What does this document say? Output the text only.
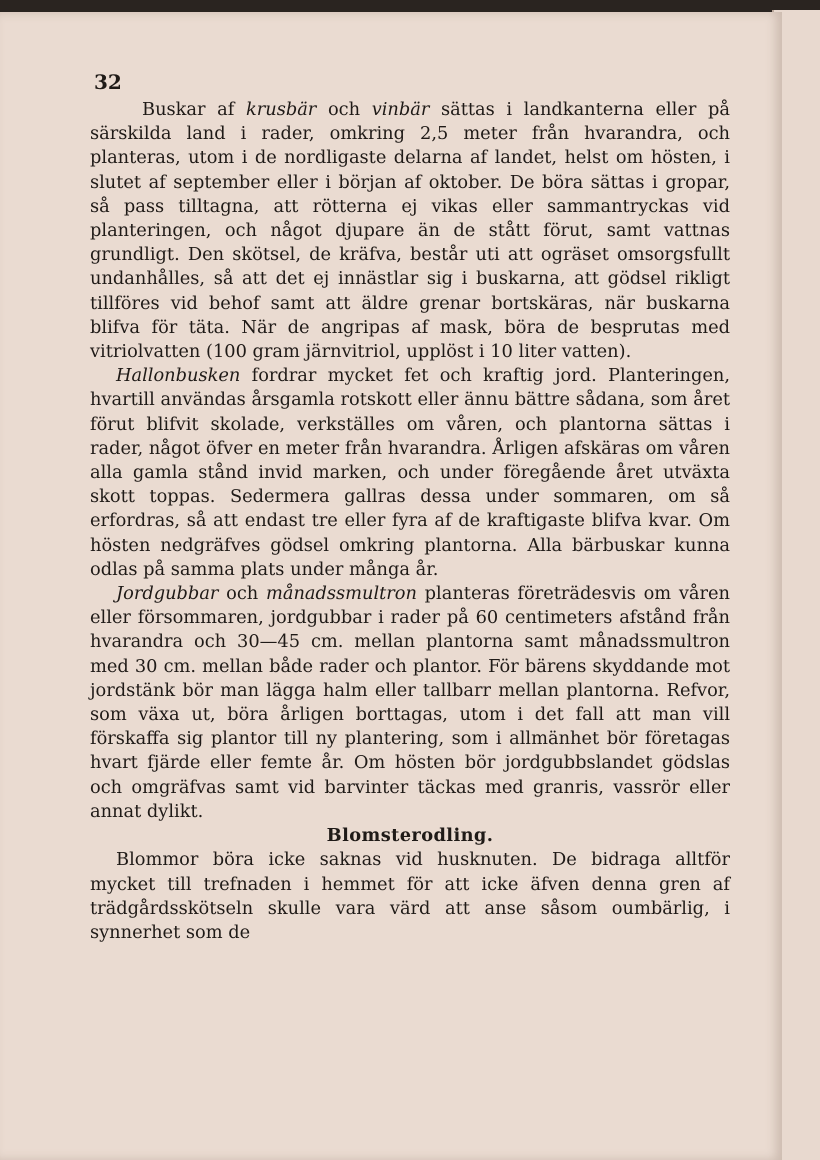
32

Buskar af krusbär och vinbär sättas i landkanterna eller på särskilda land i rader, omkring 2,5 meter från hvarandra, och planteras, utom i de nordligaste delarna af landet, helst om hösten, i slutet af september eller i början af oktober. De böra sättas i gropar, så pass tilltagna, att rötterna ej vikas eller sammantryckas vid planteringen, och något djupare än de stått förut, samt vattnas grundligt. Den skötsel, de kräfva, består uti att ogräset omsorgsfullt undanhålles, så att det ej innästlar sig i buskarna, att gödsel rikligt tillföres vid behof samt att äldre grenar bortskäras, när buskarna blifva för täta. När de angripas af mask, böra de besprutas med vitriolvatten (100 gram järnvitriol, upplöst i 10 liter vatten).

Hallonbusken fordrar mycket fet och kraftig jord. Planteringen, hvartill användas årsgamla rotskott eller ännu bättre sådana, som året förut blifvit skolade, verkställes om våren, och plantorna sättas i rader, något öfver en meter från hvarandra. Årligen afskäras om våren alla gamla stånd invid marken, och under föregående året utväxta skott toppas. Sedermera gallras dessa under sommaren, om så erfordras, så att endast tre eller fyra af de kraftigaste blifva kvar. Om hösten nedgräfves gödsel omkring plantorna. Alla bärbuskar kunna odlas på samma plats under många år.

Jordgubbar och månadssmultron planteras företrädesvis om våren eller försommaren, jordgubbar i rader på 60 centimeters afstånd från hvarandra och 30—45 cm. mellan plantorna samt månadssmultron med 30 cm. mellan både rader och plantor. För bärens skyddande mot jordstänk bör man lägga halm eller tallbarr mellan plantorna. Refvor, som växa ut, böra årligen borttagas, utom i det fall att man vill förskaffa sig plantor till ny plantering, som i allmänhet bör företagas hvart fjärde eller femte år. Om hösten bör jordgubbslandet gödslas och omgräfvas samt vid barvinter täckas med granris, vassrör eller annat dylikt.

Blomsterodling.

Blommor böra icke saknas vid husknuten. De bidraga alltför mycket till trefnaden i hemmet för att icke äfven denna gren af trädgårdsskötseln skulle vara värd att anse såsom oumbärlig, i synnerhet som de
